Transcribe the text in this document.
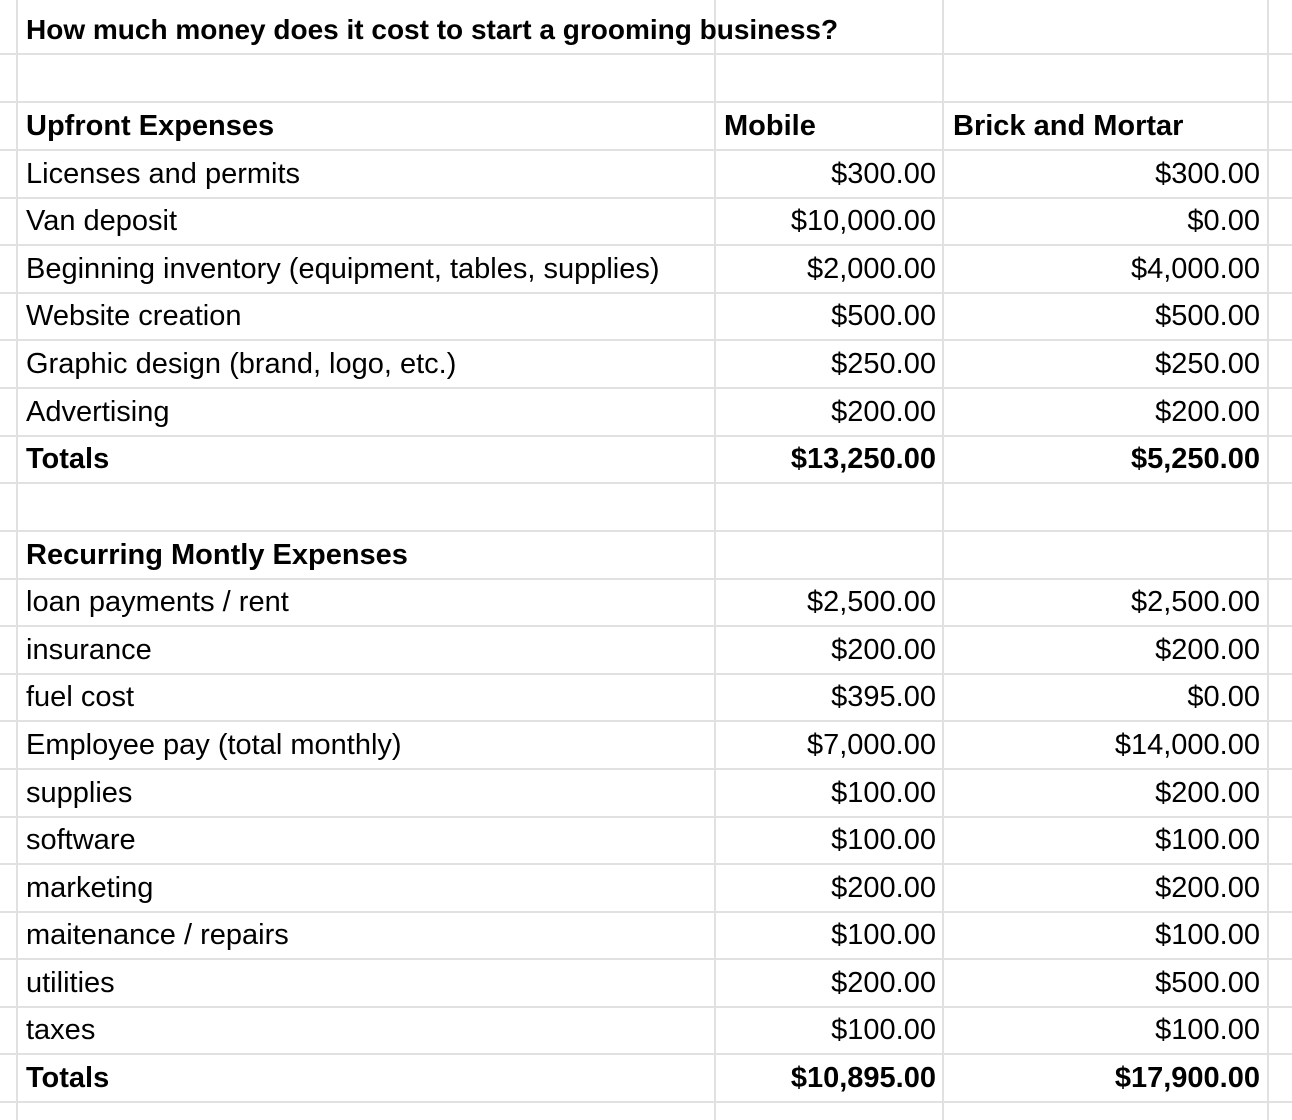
How much money does it cost to start a grooming business?
Upfront Expenses	Mobile	Brick and Mortar
Licenses and permits	$300.00	$300.00
Van deposit	$10,000.00	$0.00
Beginning inventory (equipment, tables, supplies)	$2,000.00	$4,000.00
Website creation	$500.00	$500.00
Graphic design (brand, logo, etc.)	$250.00	$250.00
Advertising	$200.00	$200.00
Totals	$13,250.00	$5,250.00
Recurring Montly Expenses
loan payments / rent	$2,500.00	$2,500.00
insurance	$200.00	$200.00
fuel cost	$395.00	$0.00
Employee pay (total monthly)	$7,000.00	$14,000.00
supplies	$100.00	$200.00
software	$100.00	$100.00
marketing	$200.00	$200.00
maitenance / repairs	$100.00	$100.00
utilities	$200.00	$500.00
taxes	$100.00	$100.00
Totals	$10,895.00	$17,900.00
